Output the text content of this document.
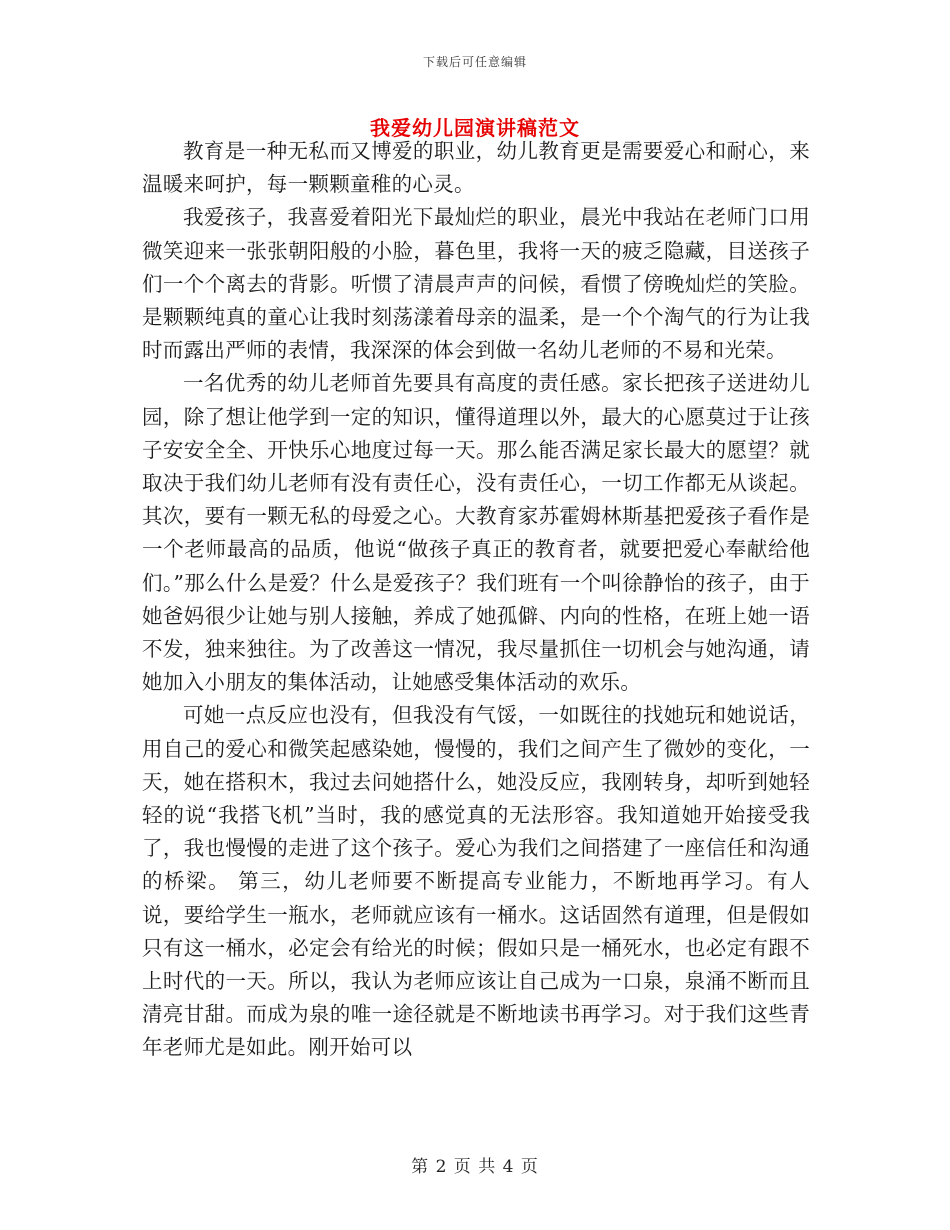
下载后可任意编辑
我爱幼儿园演讲稿范文

教育是一种无私而又博爱的职业，幼儿教育更是需要爱心和耐心，来温暖来呵护，每一颗颗童稚的心灵。

我爱孩子，我喜爱着阳光下最灿烂的职业，晨光中我站在老师门口用微笑迎来一张张朝阳般的小脸，暮色里，我将一天的疲乏隐藏，目送孩子们一个个离去的背影。听惯了清晨声声的问候，看惯了傍晚灿烂的笑脸。是颗颗纯真的童心让我时刻荡漾着母亲的温柔，是一个个淘气的行为让我时而露出严师的表情，我深深的体会到做一名幼儿老师的不易和光荣。

一名优秀的幼儿老师首先要具有高度的责任感。家长把孩子送进幼儿园，除了想让他学到一定的知识，懂得道理以外，最大的心愿莫过于让孩子安安全全、开快乐心地度过每一天。那么能否满足家长最大的愿望？就取决于我们幼儿老师有没有责任心，没有责任心，一切工作都无从谈起。 其次，要有一颗无私的母爱之心。大教育家苏霍姆林斯基把爱孩子看作是一个老师最高的品质，他说“做孩子真正的教育者，就要把爱心奉献给他们。”那么什么是爱？什么是爱孩子？我们班有一个叫徐静怡的孩子，由于她爸妈很少让她与别人接触，养成了她孤僻、内向的性格，在班上她一语不发，独来独往。为了改善这一情况，我尽量抓住一切机会与她沟通，请她加入小朋友的集体活动，让她感受集体活动的欢乐。

可她一点反应也没有，但我没有气馁，一如既往的找她玩和她说话，用自己的爱心和微笑起感染她，慢慢的，我们之间产生了微妙的变化，一天，她在搭积木，我过去问她搭什么，她没反应，我刚转身，却听到她轻轻的说“我搭飞机”当时，我的感觉真的无法形容。我知道她开始接受我了，我也慢慢的走进了这个孩子。爱心为我们之间搭建了一座信任和沟通的桥梁。 第三，幼儿老师要不断提高专业能力，不断地再学习。有人说，要给学生一瓶水，老师就应该有一桶水。这话固然有道理，但是假如只有这一桶水，必定会有给光的时候；假如只是一桶死水，也必定有跟不上时代的一天。所以，我认为老师应该让自己成为一口泉，泉涌不断而且清亮甘甜。而成为泉的唯一途径就是不断地读书再学习。对于我们这些青年老师尤是如此。刚开始可以

第 2 页 共 4 页
